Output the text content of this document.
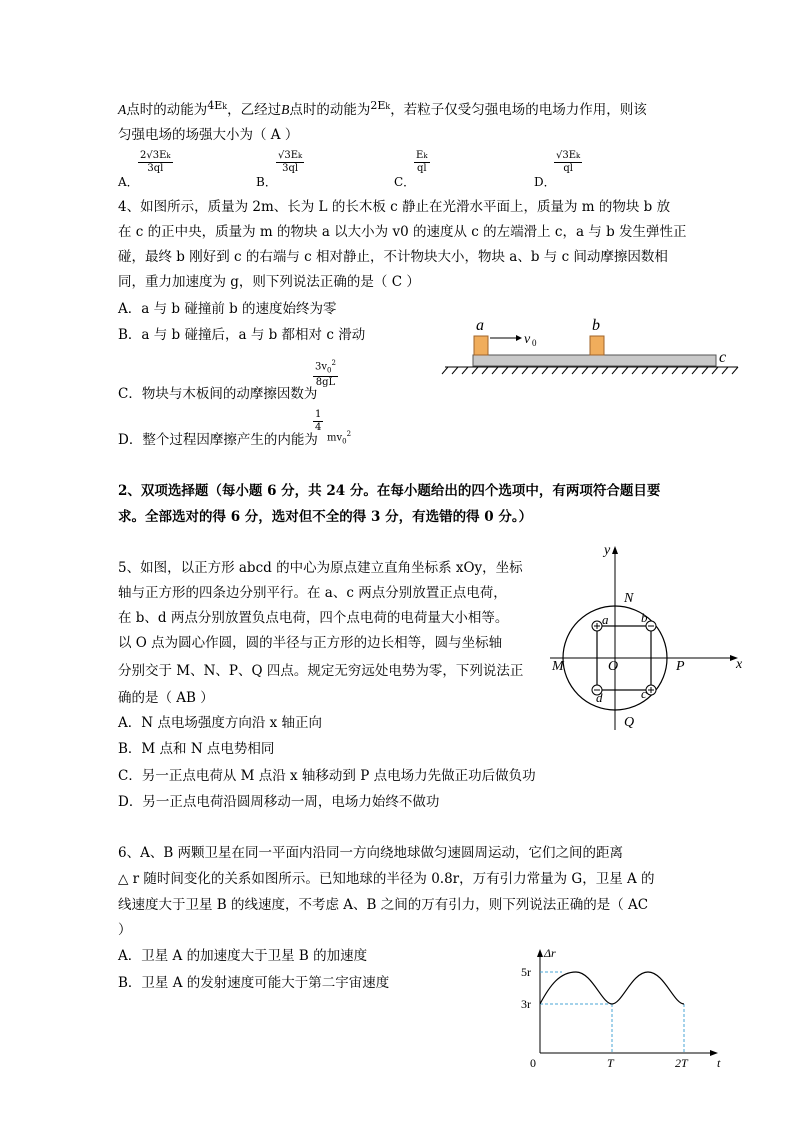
A点时的动能为$^{4Ek}$，乙经过B点时的动能为$^{2Ek}$，若粒子仅受匀强电场的电场力作用，则该
匀强电场的场强大小为（ A ）
A．
$\frac{2√3Ek}{3ql}$
B．
$\frac{√3Ek}{3ql}$
C．
$\frac{Ek}{ql}$
D．
$\frac{√3Ek}{ql}$
4、如图所示，质量为 2m、长为 L 的长木板 c 静止在光滑水平面上，质量为 m 的物块 b 放
在 c 的正中央，质量为 m 的物块 a 以大小为 v0 的速度从 c 的左端滑上 c，a 与 b 发生弹性正
碰，最终 b 刚好到 c 的右端与 c 相对静止，不计物块大小，物块 a、b 与 c 间动摩擦因数相
同，重力加速度为 g，则下列说法正确的是（ C ）
A．a 与 b 碰撞前 b 的速度始终为零
B．a 与 b 碰撞后，a 与 b 都相对 c 滑动
C．物块与木板间的动摩擦因数为
$\frac{3v_0^2}{8gL}$
D．整个过程因摩擦产生的内能为
$\frac{1}{4}$
$mv_0^2$
a	b
c
v 0
2、双项选择题（每小题 6 分，共 24 分。在每小题给出的四个选项中，有两项符合题目要
求。全部选对的得 6 分，选对但不全的得 3 分，有选错的得 0 分。）
5、如图，以正方形 abcd 的中心为原点建立直角坐标系 xOy，坐标
轴与正方形的四条边分别平行。在 a、c 两点分别放置正点电荷，
在 b、d 两点分别放置负点电荷，四个点电荷的电荷量大小相等。
以 O 点为圆心作圆，圆的半径与正方形的边长相等，圆与坐标轴
分别交于 M、N、P、Q 四点。规定无穷远处电势为零，下列说法正
确的是（ AB ）
A．N 点电场强度方向沿 x 轴正向
B．M 点和 N 点电势相同
C．另一正点电荷从 M 点沿 x 轴移动到 P 点电场力先做正功后做负功
D．另一正点电荷沿圆周移动一周，电场力始终不做功
y
x
N
M	O	P
Q
a	b
c
d
6、A、B 两颗卫星在同一平面内沿同一方向绕地球做匀速圆周运动，它们之间的距离
△ r 随时间变化的关系如图所示。已知地球的半径为 0.8r，万有引力常量为 G，卫星 A 的
线速度大于卫星 B 的线速度，不考虑 A、B 之间的万有引力，则下列说法正确的是（ AC
）
A．卫星 A 的加速度大于卫星 B 的加速度
B．卫星 A 的发射速度可能大于第二宇宙速度
Δr
5r
3r
0	T	2T t
